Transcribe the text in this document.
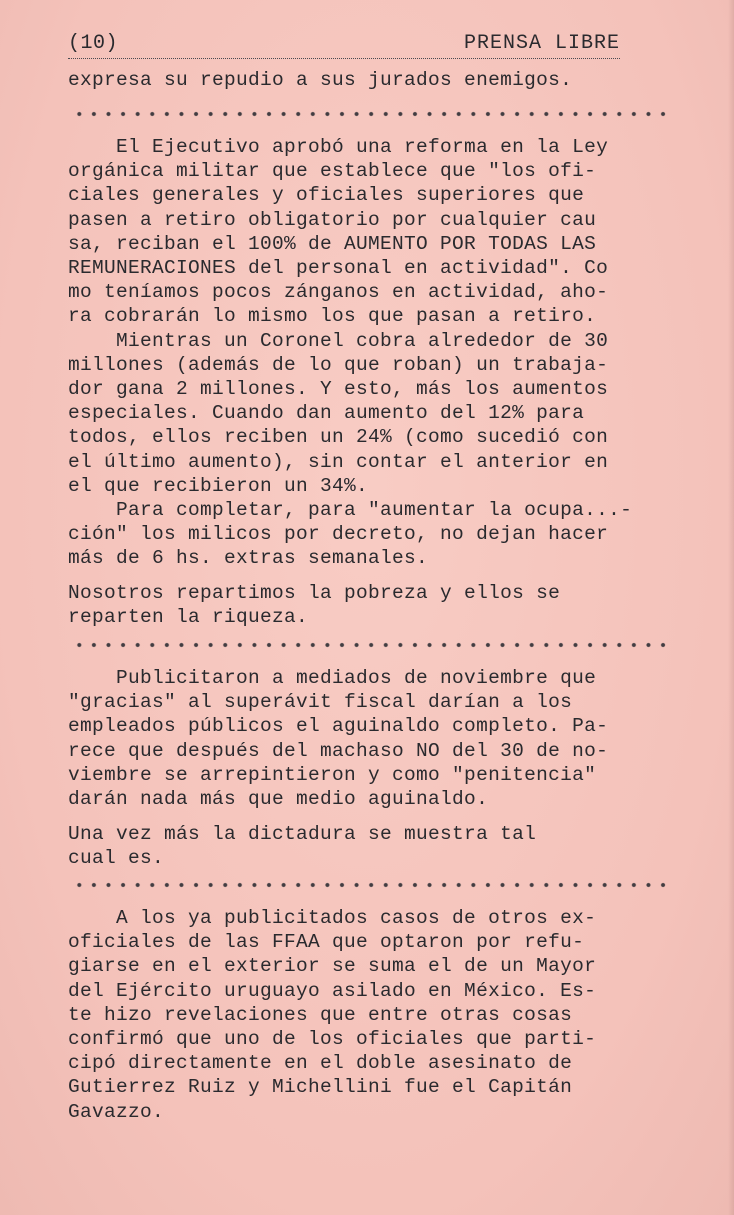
(10)	PRENSA LIBRE
expresa su repudio a sus jurados enemigos.
El Ejecutivo aprobó una reforma en la Ley
orgánica militar que establece que "los ofi-
ciales generales y oficiales superiores que
pasen a retiro obligatorio por cualquier cau
sa, reciban el 100% de AUMENTO POR TODAS LAS
REMUNERACIONES del personal en actividad". Co
mo teníamos pocos zánganos en actividad, aho-
ra cobrarán lo mismo los que pasan a retiro.
Mientras un Coronel cobra alrededor de 30
millones (además de lo que roban) un trabaja-
dor gana 2 millones. Y esto, más los aumentos
especiales. Cuando dan aumento del 12% para
todos, ellos reciben un 24% (como sucedió con
el último aumento), sin contar el anterior en
el que recibieron un 34%.
Para completar, para "aumentar la ocupa...-
ción" los milicos por decreto, no dejan hacer
más de 6 hs. extras semanales.
Nosotros repartimos la pobreza y ellos se
reparten la riqueza.
Publicitaron a mediados de noviembre que
"gracias" al superávit fiscal darían a los
empleados públicos el aguinaldo completo. Pa-
rece que después del machaso NO del 30 de no-
viembre se arrepintieron y como "penitencia"
darán nada más que medio aguinaldo.
Una vez más la dictadura se muestra tal
cual es.
A los ya publicitados casos de otros ex-
oficiales de las FFAA que optaron por refu-
giarse en el exterior se suma el de un Mayor
del Ejército uruguayo asilado en México. Es-
te hizo revelaciones que entre otras cosas
confirmó que uno de los oficiales que parti-
cipó directamente en el doble asesinato de
Gutierrez Ruiz y Michellini fue el Capitán
Gavazzo.
